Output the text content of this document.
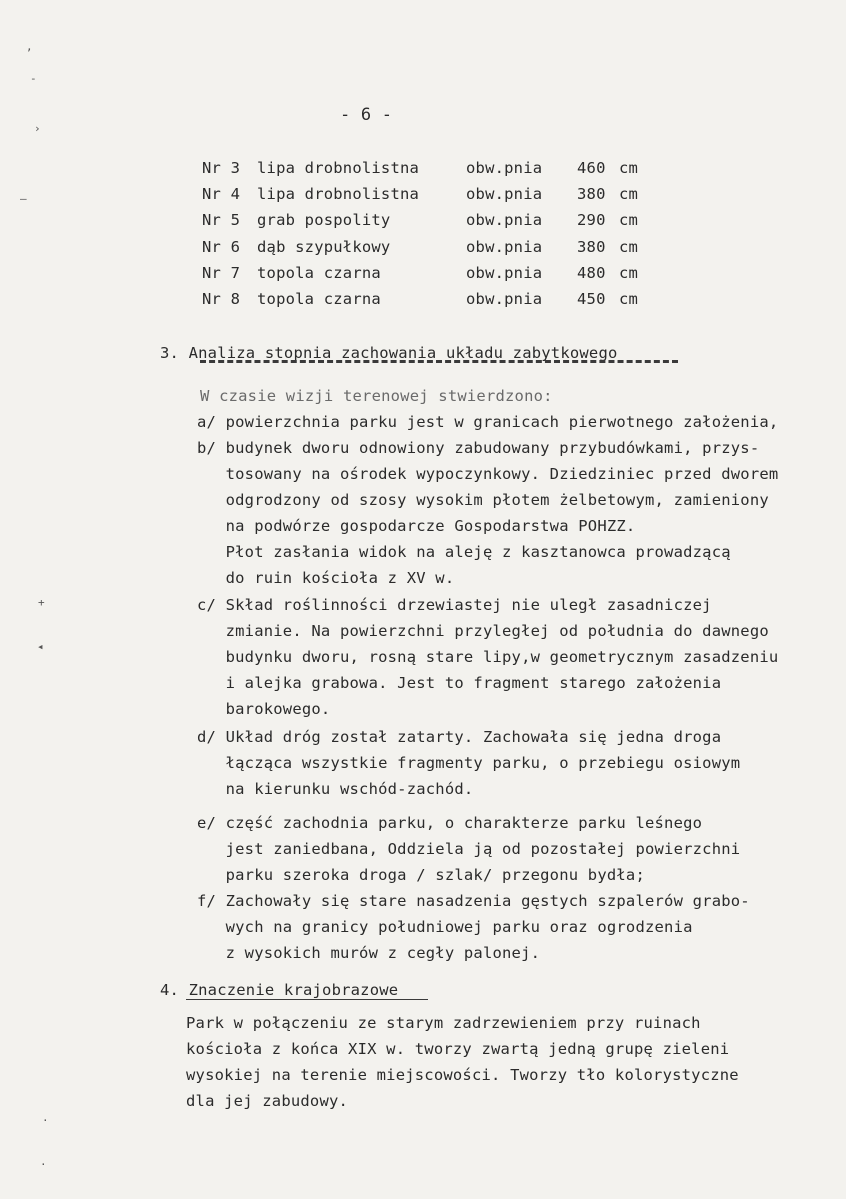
- 6 -
Nr 3 lipa drobnolistna	obw.pnia 460 cm
Nr 4 lipa drobnolistna	obw.pnia 380 cm
Nr 5 grab pospolity	obw.pnia 290 cm
Nr 6 dąb szypułkowy	obw.pnia 380 cm
Nr 7 topola czarna	obw.pnia 480 cm
Nr 8 topola czarna	obw.pnia 450 cm
3. Analiza stopnia zachowania układu zabytkowego
W czasie wizji terenowej stwierdzono:
a/ powierzchnia parku jest w granicach pierwotnego założenia,
b/ budynek dworu odnowiony zabudowany przybudówkami, przys-
tosowany na ośrodek wypoczynkowy. Dziedziniec przed dworem
odgrodzony od szosy wysokim płotem żelbetowym, zamieniony
na podwórze gospodarcze Gospodarstwa POHZZ.
Płot zasłania widok na aleję z kasztanowca prowadzącą
do ruin kościoła z XV w.
c/ Skład roślinności drzewiastej nie uległ zasadniczej
zmianie. Na powierzchni przyległej od południa do dawnego
budynku dworu, rosną stare lipy,w geometrycznym zasadzeniu
i alejka grabowa. Jest to fragment starego założenia
barokowego.
d/ Układ dróg został zatarty. Zachowała się jedna droga
łącząca wszystkie fragmenty parku, o przebiegu osiowym
na kierunku wschód-zachód.
e/ część zachodnia parku, o charakterze parku leśnego
jest zaniedbana, Oddziela ją od pozostałej powierzchni
parku szeroka droga / szlak/ przegonu bydła;
f/ Zachowały się stare nasadzenia gęstych szpalerów grabo-
wych na granicy południowej parku oraz ogrodzenia
z wysokich murów z cegły palonej.
4. Znaczenie krajobrazowe
Park w połączeniu ze starym zadrzewieniem przy ruinach
kościoła z końca XIX w. tworzy zwartą jedną grupę zieleni
wysokiej na terenie miejscowości. Tworzy tło kolorystyczne
dla jej zabudowy.
,
-
›
—
+
◂
·
·
